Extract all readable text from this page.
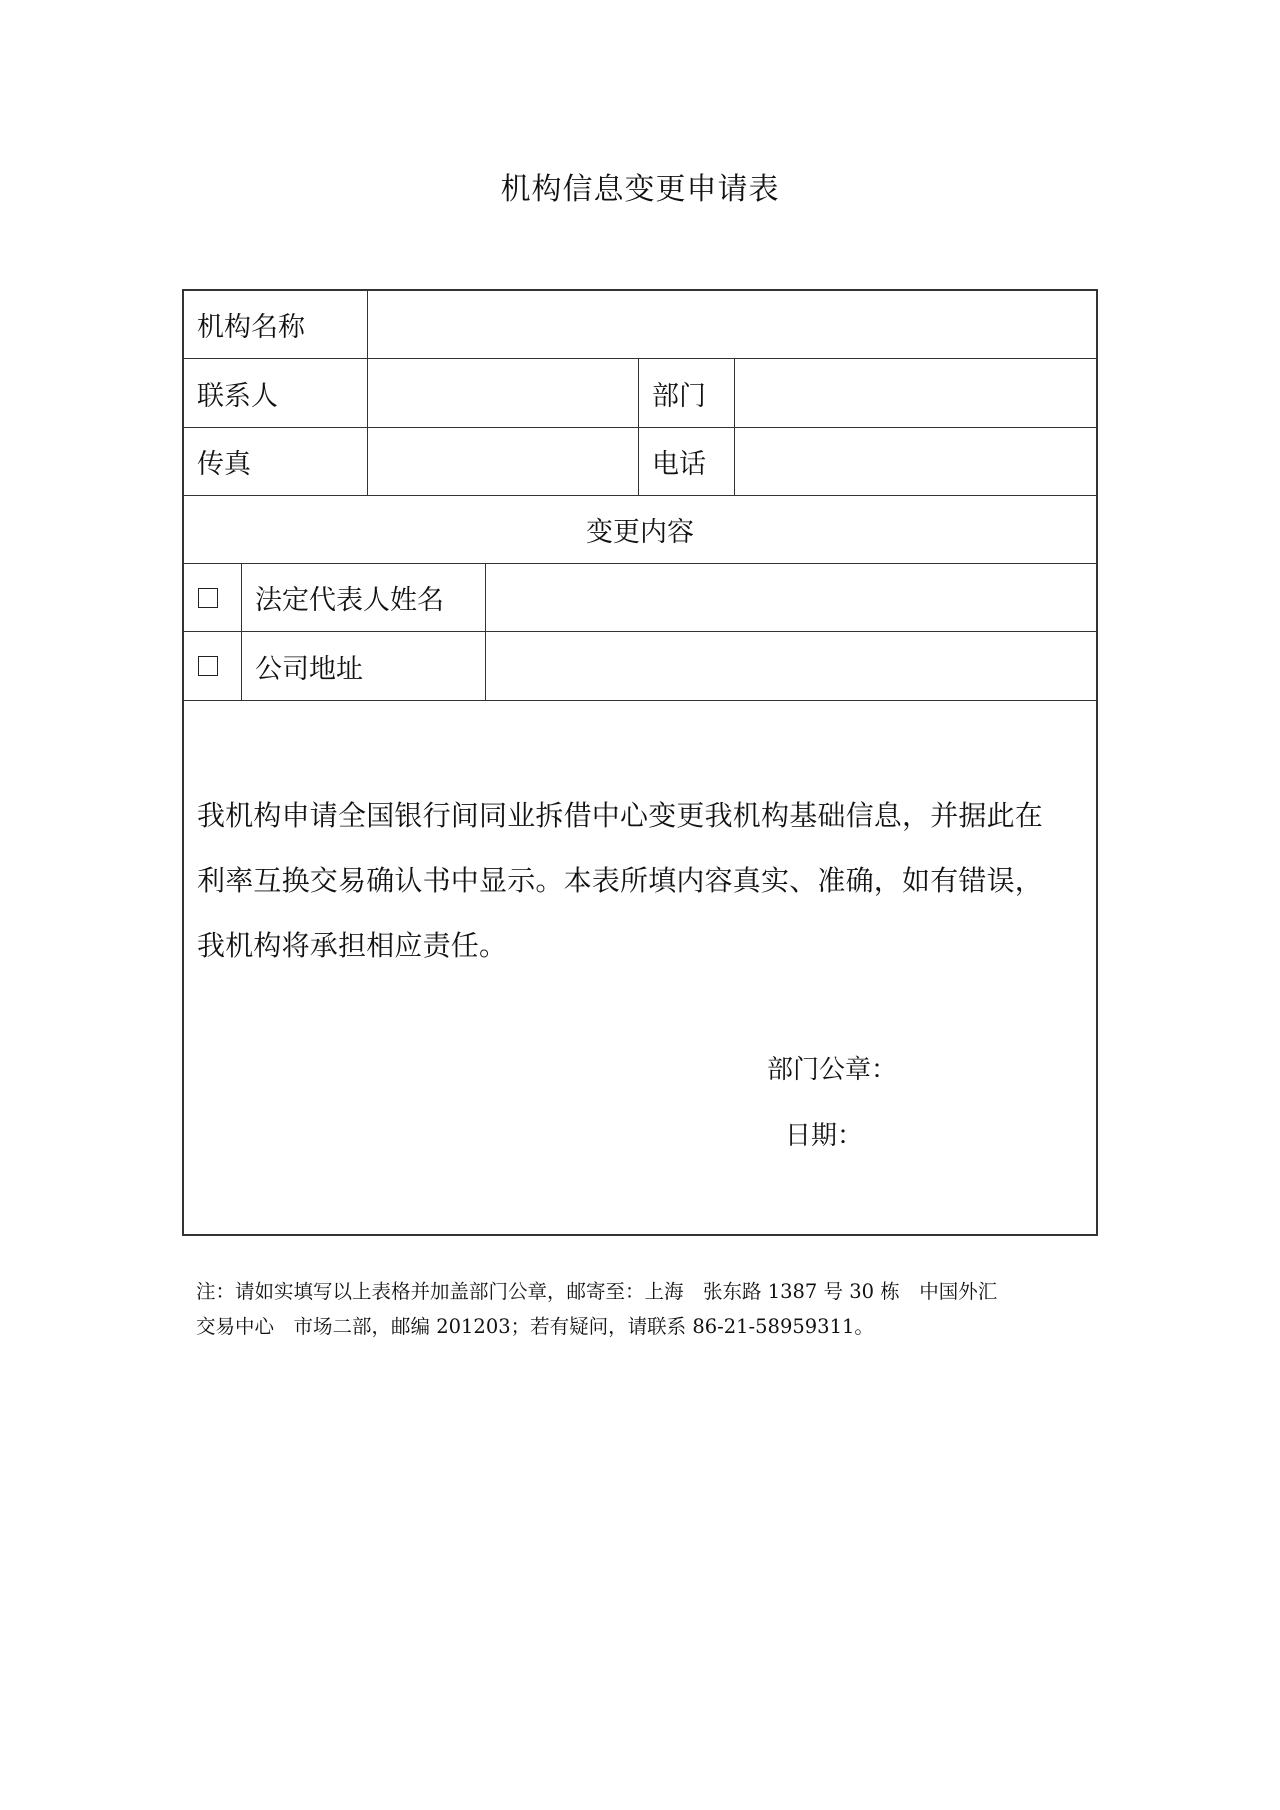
机构信息变更申请表
机构名称
联系人	部门
传真	电话
变更内容
法定代表人姓名
公司地址
我机构申请全国银行间同业拆借中心变更我机构基础信息，并据此在
利率互换交易确认书中显示。本表所填内容真实、准确，如有错误，
我机构将承担相应责任。
部门公章：
日期：
注：请如实填写以上表格并加盖部门公章，邮寄至：上海　张东路 1387 号 30 栋　中国外汇
交易中心　市场二部，邮编 201203；若有疑问，请联系 86-21-58959311。
